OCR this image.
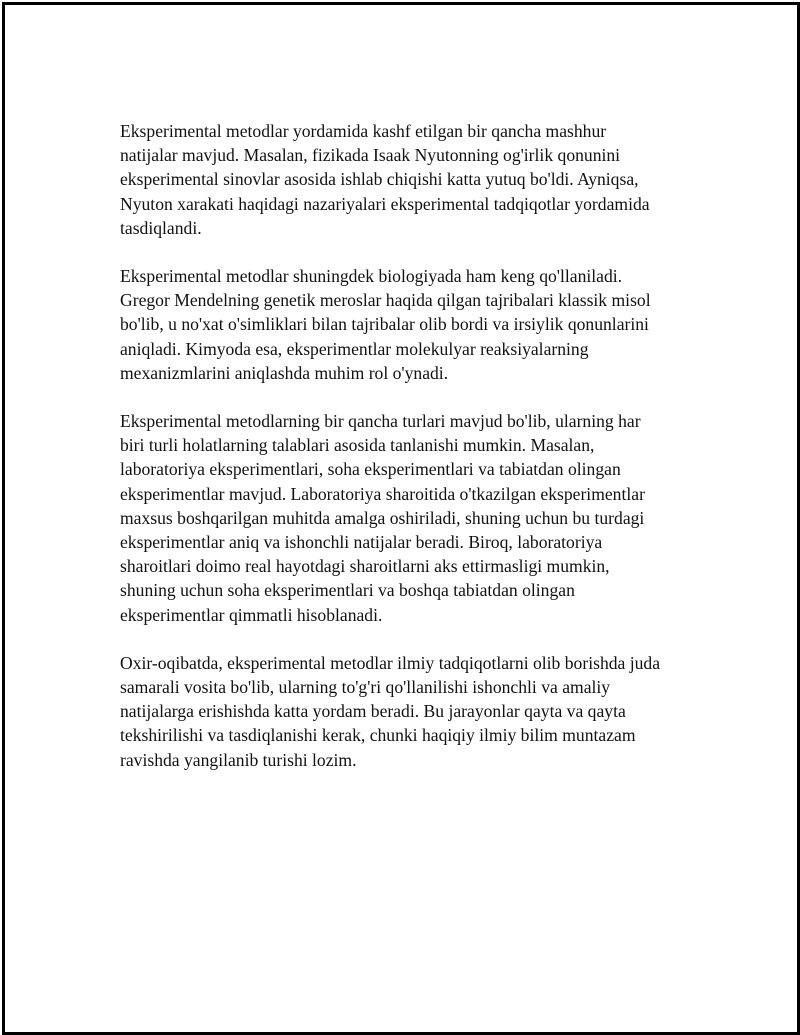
Eksperimental metodlar yordamida kashf etilgan bir qancha mashhur
natijalar mavjud. Masalan, fizikada Isaak Nyutonning og'irlik qonunini
eksperimental sinovlar asosida ishlab chiqishi katta yutuq bo'ldi. Ayniqsa,
Nyuton xarakati haqidagi nazariyalari eksperimental tadqiqotlar yordamida
tasdiqlandi.

Eksperimental metodlar shuningdek biologiyada ham keng qo'llaniladi.
Gregor Mendelning genetik meroslar haqida qilgan tajribalari klassik misol
bo'lib, u no'xat o'simliklari bilan tajribalar olib bordi va irsiylik qonunlarini
aniqladi. Kimyoda esa, eksperimentlar molekulyar reaksiyalarning
mexanizmlarini aniqlashda muhim rol o'ynadi.

Eksperimental metodlarning bir qancha turlari mavjud bo'lib, ularning har
biri turli holatlarning talablari asosida tanlanishi mumkin. Masalan,
laboratoriya eksperimentlari, soha eksperimentlari va tabiatdan olingan
eksperimentlar mavjud. Laboratoriya sharoitida o'tkazilgan eksperimentlar
maxsus boshqarilgan muhitda amalga oshiriladi, shuning uchun bu turdagi
eksperimentlar aniq va ishonchli natijalar beradi. Biroq, laboratoriya
sharoitlari doimo real hayotdagi sharoitlarni aks ettirmasligi mumkin,
shuning uchun soha eksperimentlari va boshqa tabiatdan olingan
eksperimentlar qimmatli hisoblanadi.

Oxir-oqibatda, eksperimental metodlar ilmiy tadqiqotlarni olib borishda juda
samarali vosita bo'lib, ularning to'g'ri qo'llanilishi ishonchli va amaliy
natijalarga erishishda katta yordam beradi. Bu jarayonlar qayta va qayta
tekshirilishi va tasdiqlanishi kerak, chunki haqiqiy ilmiy bilim muntazam
ravishda yangilanib turishi lozim.
